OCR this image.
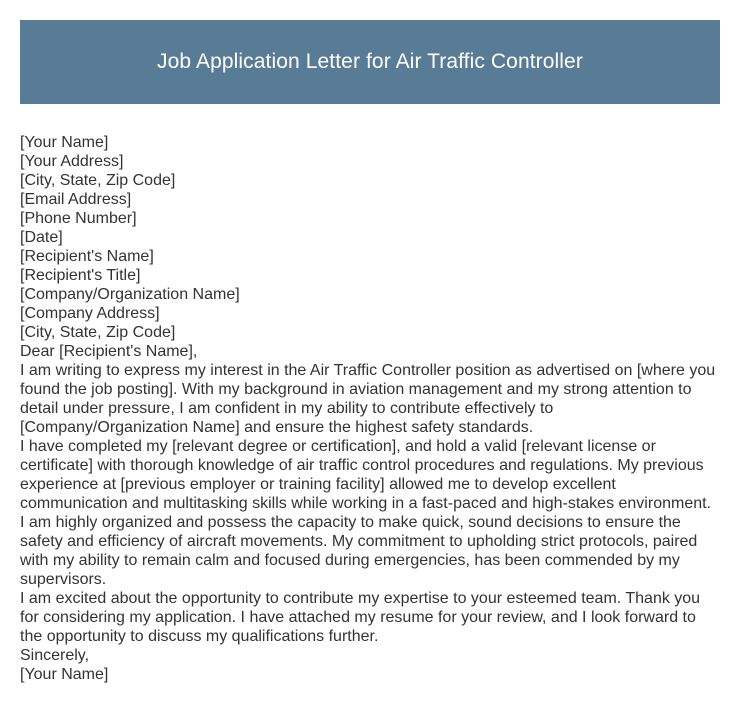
Job Application Letter for Air Traffic Controller
[Your Name]
[Your Address]
[City, State, Zip Code]
[Email Address]
[Phone Number]
[Date]
[Recipient's Name]
[Recipient's Title]
[Company/Organization Name]
[Company Address]
[City, State, Zip Code]
Dear [Recipient's Name],
I am writing to express my interest in the Air Traffic Controller position as advertised on [where you
found the job posting]. With my background in aviation management and my strong attention to
detail under pressure, I am confident in my ability to contribute effectively to
[Company/Organization Name] and ensure the highest safety standards.
I have completed my [relevant degree or certification], and hold a valid [relevant license or
certificate] with thorough knowledge of air traffic control procedures and regulations. My previous
experience at [previous employer or training facility] allowed me to develop excellent
communication and multitasking skills while working in a fast-paced and high-stakes environment.
I am highly organized and possess the capacity to make quick, sound decisions to ensure the
safety and efficiency of aircraft movements. My commitment to upholding strict protocols, paired
with my ability to remain calm and focused during emergencies, has been commended by my
supervisors.
I am excited about the opportunity to contribute my expertise to your esteemed team. Thank you
for considering my application. I have attached my resume for your review, and I look forward to
the opportunity to discuss my qualifications further.
Sincerely,
[Your Name]
